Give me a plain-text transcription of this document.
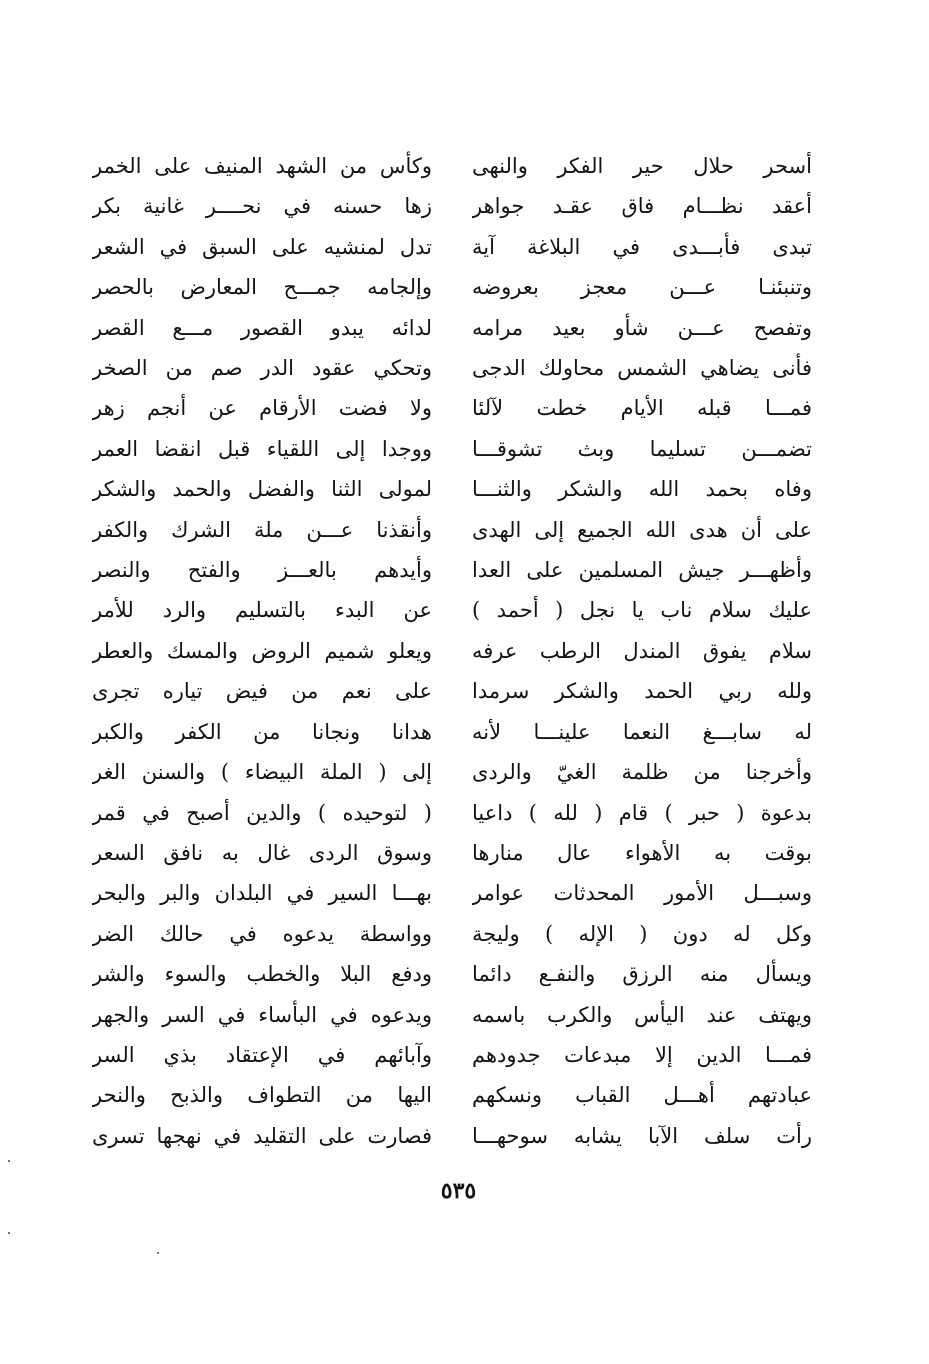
أسحر حلال حير الفكر والنهى
أعقد نظـــام فاق عقـد جواهر
تبدى فأبـــدى في البلاغة آية
وتنبئنـا عـــن معجز بعروضه
وتفصح عـــن شأو بعيد مرامه
فأنى يضاهي الشمس محاولك الدجى
فمـــا قبله الأيام خطت لآلئا
تضمـــن تسليما وبث تشوقـــا
وفاه بحمد الله والشكر والثنـــا
على أن هدى الله الجميع إلى الهدى
وأظهـــر جيش المسلمين على العدا
عليك سلام ناب يا نجل ( أحمد )
سلام يفوق المندل الرطب عرفه
ولله ربي الحمد والشكر سرمدا
له سابـــغ النعما علينـــا لأنه
وأخرجنا من ظلمة الغيّ والردى
بدعوة ( حبر ) قام ( لله ) داعيا
بوقت به الأهواء عال منارها
وسبـــل الأمور المحدثات عوامر
وكل له دون ( الإله ) وليجة
ويسأل منه الرزق والنفـع دائما
ويهتف عند اليأس والكرب باسمه
فمـــا الدين إلا مبدعات جدودهم
عبادتهم أهـــل القباب ونسكهم
رأت سلف الآبا يشابه سوحهـــا
وكأس من الشهد المنيف على الخمر
زها حسنه في نحــــر غانية بكر
تدل لمنشيه على السبق في الشعر
وإلجامه جمـــح المعارض بالحصر
لدائه يبدو القصور مـــع القصر
وتحكي عقود الدر صم من الصخر
ولا فضت الأرقام عن أنجم زهر
ووجدا إلى اللقياء قبل انقضا العمر
لمولى الثنا والفضل والحمد والشكر
وأنقذنا عـــن ملة الشرك والكفر
وأيدهم بالعـــز والفتح والنصر
عن البدء بالتسليم والرد للأمر
ويعلو شميم الروض والمسك والعطر
على نعم من فيض تياره تجرى
هدانا ونجانا من الكفر والكبر
إلى ( الملة البيضاء ) والسنن الغر
( لتوحيده ) والدين أصبح في قمر
وسوق الردى غال به نافق السعر
بهـــا السير في البلدان والبر والبحر
وواسطة يدعوه في حالك الضر
ودفع البلا والخطب والسوء والشر
ويدعوه في البأساء في السر والجهر
وآبائهم في الإعتقاد بذي السر
اليها من التطواف والذبح والنحر
فصارت على التقليد في نهجها تسرى
٥٣٥
